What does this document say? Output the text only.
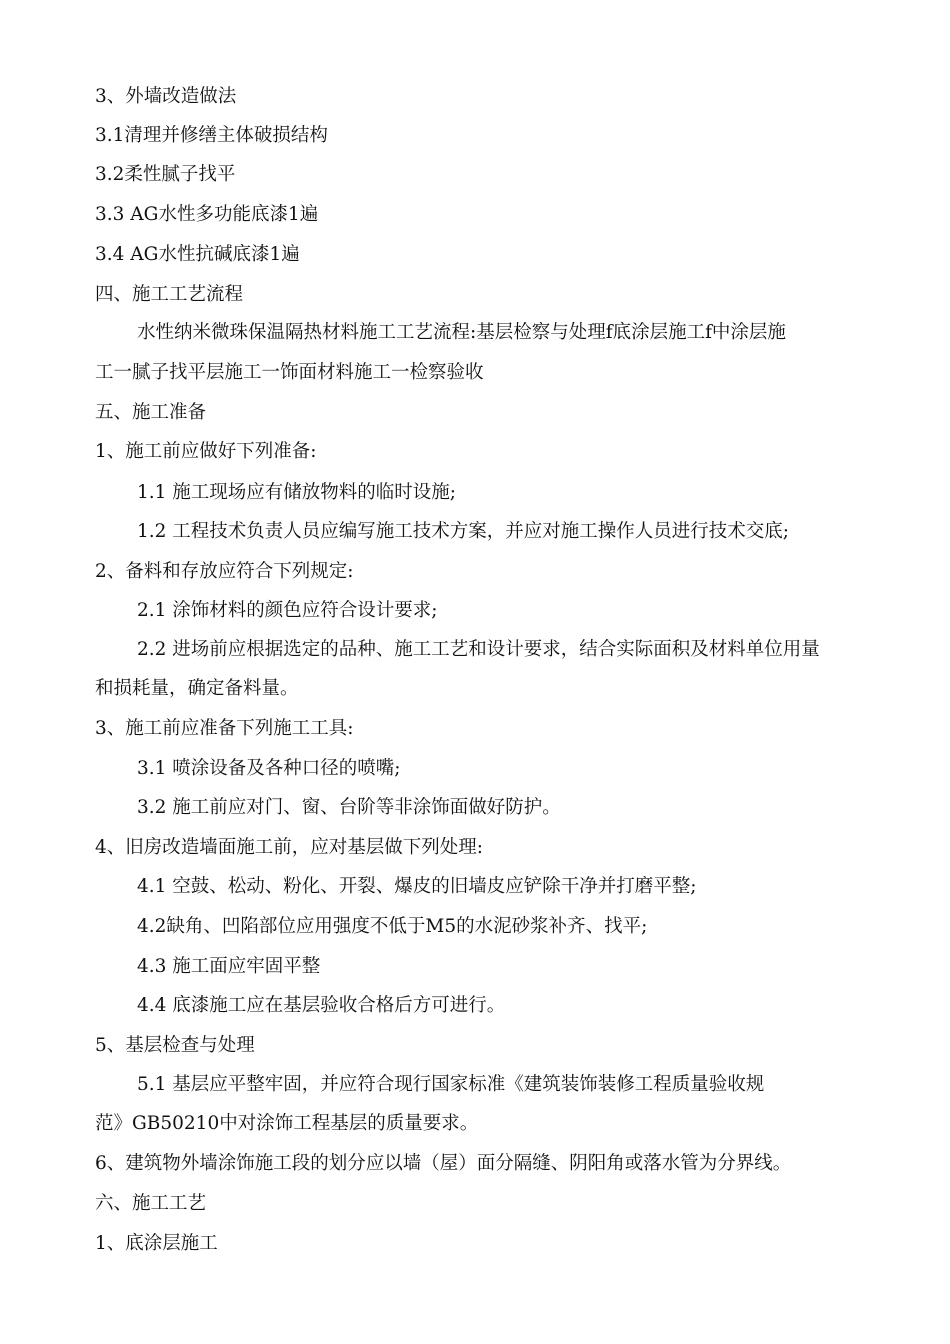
3、外墙改造做法
3.1清理并修缮主体破损结构
3.2柔性腻子找平
3.3 AG水性多功能底漆1遍
3.4 AG水性抗碱底漆1遍
四、施工工艺流程
水性纳米微珠保温隔热材料施工工艺流程:基层检察与处理f底涂层施工f中涂层施
工一腻子找平层施工一饰面材料施工一检察验收
五、施工准备
1、施工前应做好下列准备:
1.1 施工现场应有储放物料的临时设施;
1.2 工程技术负责人员应编写施工技术方案，并应对施工操作人员进行技术交底;
2、备料和存放应符合下列规定:
2.1 涂饰材料的颜色应符合设计要求;
2.2 进场前应根据选定的品种、施工工艺和设计要求，结合实际面积及材料单位用量
和损耗量，确定备料量。
3、施工前应准备下列施工工具:
3.1 喷涂设备及各种口径的喷嘴;
3.2 施工前应对门、窗、台阶等非涂饰面做好防护。
4、旧房改造墙面施工前，应对基层做下列处理:
4.1 空鼓、松动、粉化、开裂、爆皮的旧墙皮应铲除干净并打磨平整;
4.2缺角、凹陷部位应用强度不低于M5的水泥砂浆补齐、找平;
4.3 施工面应牢固平整
4.4 底漆施工应在基层验收合格后方可进行。
5、基层检查与处理
5.1 基层应平整牢固，并应符合现行国家标准《建筑装饰装修工程质量验收规
范》GB50210中对涂饰工程基层的质量要求。
6、建筑物外墙涂饰施工段的划分应以墙（屋）面分隔缝、阴阳角或落水管为分界线。
六、施工工艺
1、底涂层施工
